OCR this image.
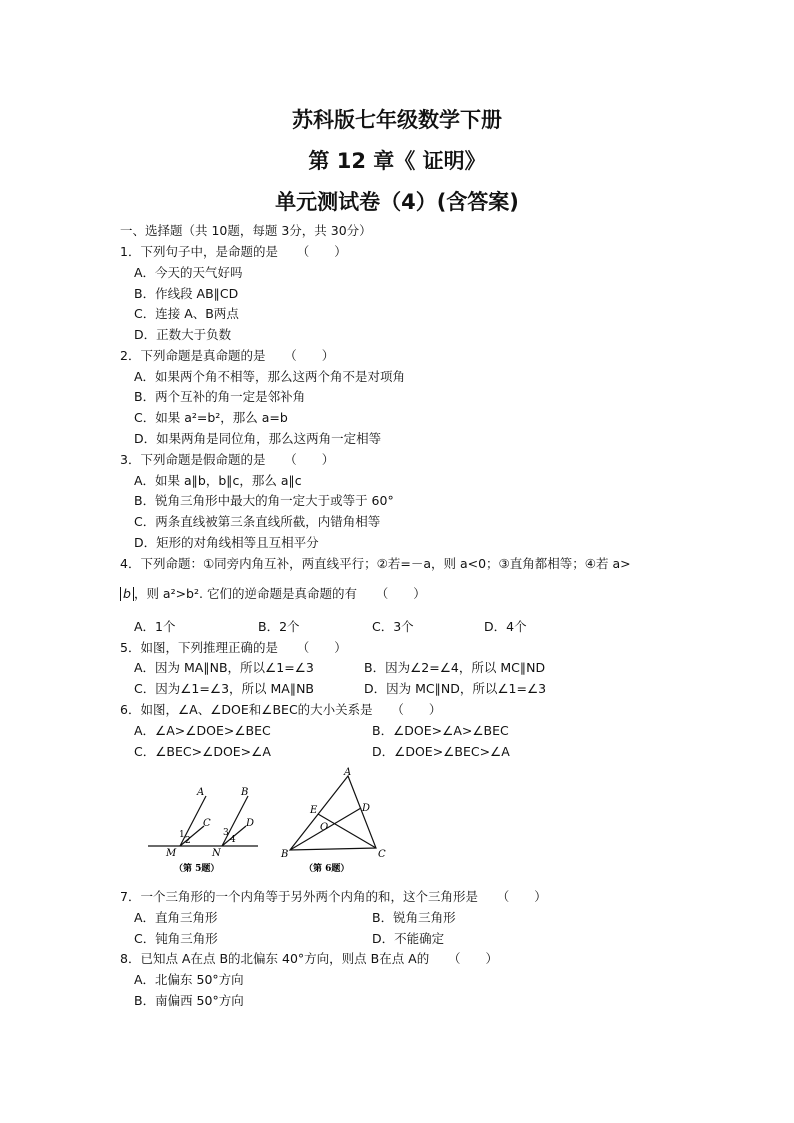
苏科版七年级数学下册
第 12 章《 证明》
单元测试卷（4）(含答案)
一、选择题（共 10题，每题 3分，共 30分）
1．下列句子中，是命题的是　　（　　）
A．今天的天气好吗
B．作线段 AB∥CD
C．连接 A、B两点
D．正数大于负数
2．下列命题是真命题的是　　（　　）
A．如果两个角不相等，那么这两个角不是对项角
B．两个互补的角一定是邻补角
C．如果 a²=b²，那么 a=b
D．如果两角是同位角，那么这两角一定相等
3．下列命题是假命题的是　　（　　）
A．如果 a∥b，b∥c，那么 a∥c
B．锐角三角形中最大的角一定大于或等于 60°
C．两条直线被第三条直线所截，内错角相等
D．矩形的对角线相等且互相平分
4．下列命题：①同旁内角互补，两直线平行；②若=－a，则 a<0；③直角都相等；④若 a>
b ，则 a²>b². 它们的逆命题是真命题的有　　（　　）
A．1个	B．2个	C．3个	D．4个
5．如图，下列推理正确的是　　（　　）
A．因为 MA∥NB，所以∠1=∠3	B．因为∠2=∠4，所以 MC∥ND
C．因为∠1=∠3，所以 MA∥NB	D．因为 MC∥ND，所以∠1=∠3
6．如图，∠A、∠DOE和∠BEC的大小关系是　　（　　）
A．∠A>∠DOE>∠BEC	B．∠DOE>∠A>∠BEC
C．∠BEC>∠DOE>∠A	D．∠DOE>∠BEC>∠A
A	B
C	D
M	N
1
2
3
4
（第 5题）
A
B	C
D
E
O
（第 6题）
7．一个三角形的一个内角等于另外两个内角的和，这个三角形是　　（　　）
A．直角三角形	B．锐角三角形
C．钝角三角形	D．不能确定
8．已知点 A在点 B的北偏东 40°方向，则点 B在点 A的　　（　　）
A．北偏东 50°方向
B．南偏西 50°方向
